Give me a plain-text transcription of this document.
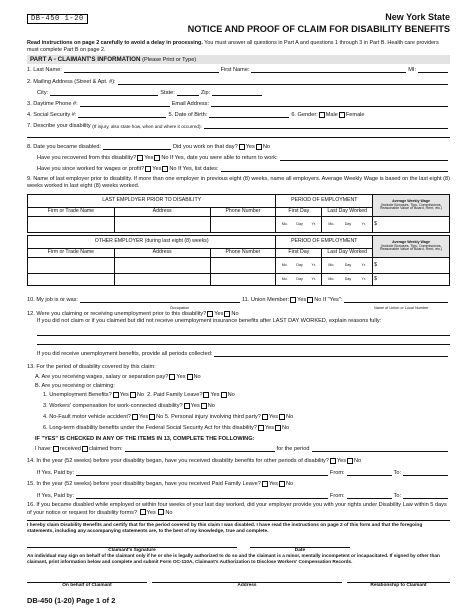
DB-450 1-20	New York State
NOTICE AND PROOF OF CLAIM FOR DISABILITY BENEFITS
Read instructions on page 2 carefully to avoid a delay in processing. You must answer all questions in Part A and questions 1 through 3 in Part B. Health care providers must complete Part B on page 2.
PART A - CLAIMANT'S INFORMATION (Please Print or Type)
1. Last Name:	First Name:	MI:
2. Mailing Address (Street & Apt. #):
City:	State:	Zip:
3. Daytime Phone #:	Email Address:
4. Social Security #:	5. Date of Birth:	6. Gender: Male Female
7. Describe your disability
(If injury, also state how, when and where it occurred):
8. Date you became disabled:	Did you work on that day? Yes No
Have you recovered from this disability? Yes No
If Yes, date you were able to return to work:
Have you since worked for wages or profit? Yes No
If Yes, list dates:
9. Name of last employer prior to disability. If more than one employer in previous eight (8) weeks, name all employers. Average Weekly Wage is based on the last eight (8) weeks worked in last eight (8) weeks worked.
LAST EMPLOYER PRIOR TO DISABILITY			PERIOD OF EMPLOYMENT		Average Weekly Wage
(Include Bonuses, Tips, Commissions, Reasonable Value of Board, Rent, etc.)
Firm or Trade Name	Address	Phone Number	First Day	Last Day Worked	

			Mo. Day Yr.	Mo. Day Yr.	$
OTHER EMPLOYER (during last eight (8) weeks)			PERIOD OF EMPLOYMENT		Average Weekly Wage
(Include Bonuses, Tips, Commissions, Reasonable Value of Board, Rent, etc.)
Firm or Trade Name	Address	Phone Number	First Day	Last Day Worked	

			Mo. Day Yr.	Mo. Day Yr.	$

			Mo. Day Yr.	Mo. Day Yr.	$
10. My job is or was:	11. Union Member: Yes No
If "Yes":
Occupation	Name of Union or Local Number
12. Were you claiming or receiving unemployment prior to this disability? Yes No
If you did not claim or if you claimed but did not receive unemployment insurance benefits after LAST DAY WORKED, explain reasons fully:
If you did receive unemployment benefits, provide all periods collected:
13. For the period of disability covered by this claim:
A. Are you receiving wages, salary or separation pay? Yes No
B. Are you receiving or claiming:
1. Unemployment Benefits? Yes No
2. Paid Family Leave? Yes No
3. Workers' compensation for work-connected disability? Yes No
4. No-Fault motor vehicle accident? Yes No
5. Personal injury involving third party? Yes No
6. Long-term disability benefits under the Federal Social Security Act for this disability? Yes No
IF "YES" IS CHECKED IN ANY OF THE ITEMS IN 13, COMPLETE THE FOLLOWING:
I have: received claimed from:	for the period
14. In the year (52 weeks) before your disability began, have you received disability benefits for other periods of disability? Yes No
If Yes, Paid by:	From:	To:
15. In the year (52 weeks) before your disability began, have you received Paid Family Leave? Yes No
If Yes, Paid by:	From:	To:
16. If you became disabled while employed or within four weeks of your last day worked, did your employer provide you with your rights under Disability Law within 5 days of your notice or request for disability forms? Yes No
I hereby claim Disability Benefits and certify that for the period covered by this claim I was disabled. I have read the instructions on page 2 of this form and that the foregoing statements, including any accompanying statements are, to the best of my knowledge, true and complete.
Claimant's Signature	Date
An individual may sign on behalf of the claimant only if he or she is legally authorized to do so and the claimant is a minor, mentally incompetent or incapacitated. If signed by other than claimant, print information below and complete and submit Form OC-110A, Claimant's Authorization to Disclose Workers' Compensation Records.
On behalf of Claimant	Address	Relationship to Claimant
DB-450 (1-20) Page 1 of 2
